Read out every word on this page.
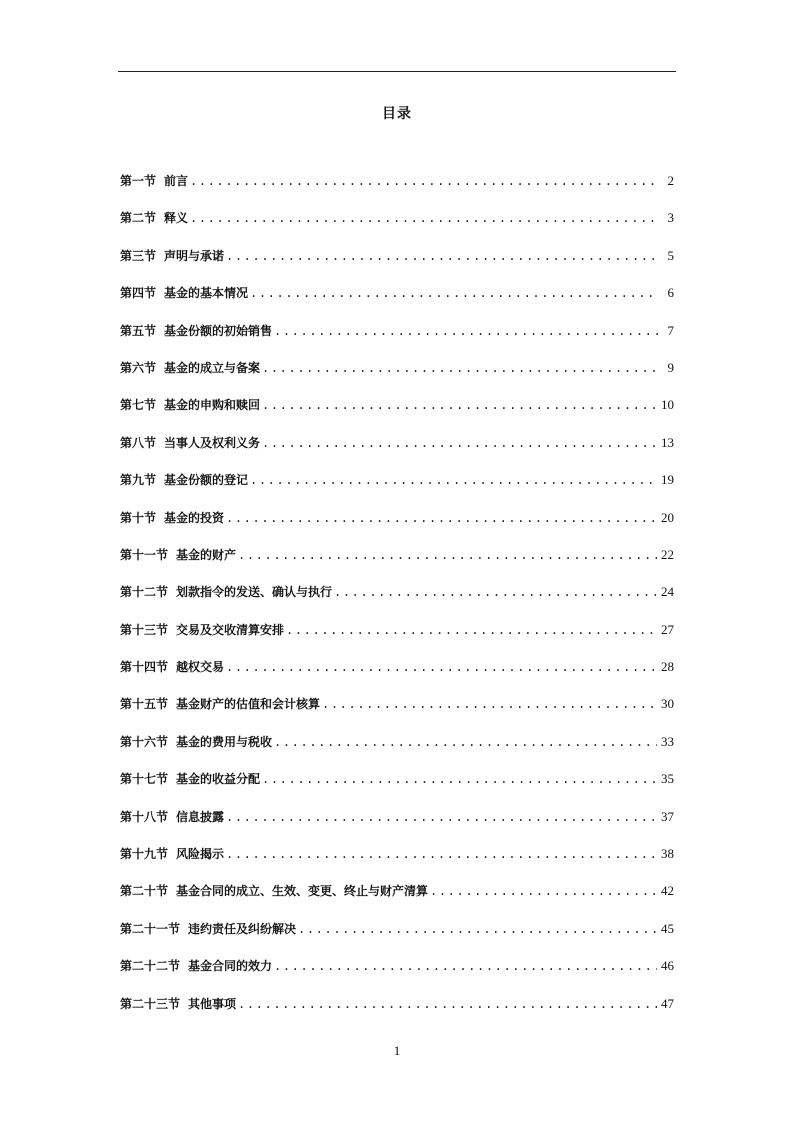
目录
第一节 前言 .....	2
第二节 释义 .....	3
第三节 声明与承诺 .....	5
第四节 基金的基本情况 .....	6
第五节 基金份额的初始销售 .....	7
第六节 基金的成立与备案 .....	9
第七节 基金的申购和赎回 .....	10
第八节 当事人及权利义务 .....	13
第九节 基金份额的登记 .....	19
第十节 基金的投资 .....	20
第十一节 基金的财产 .....	22
第十二节 划款指令的发送、确认与执行 .....	24
第十三节 交易及交收清算安排 .....	27
第十四节 越权交易 .....	28
第十五节 基金财产的估值和会计核算 .....	30
第十六节 基金的费用与税收 .....	33
第十七节 基金的收益分配 .....	35
第十八节 信息披露 .....	37
第十九节 风险揭示 .....	38
第二十节 基金合同的成立、生效、变更、终止与财产清算 .....	42
第二十一节 违约责任及纠纷解决 .....	45
第二十二节 基金合同的效力 .....	46
第二十三节 其他事项 .....	47
1
